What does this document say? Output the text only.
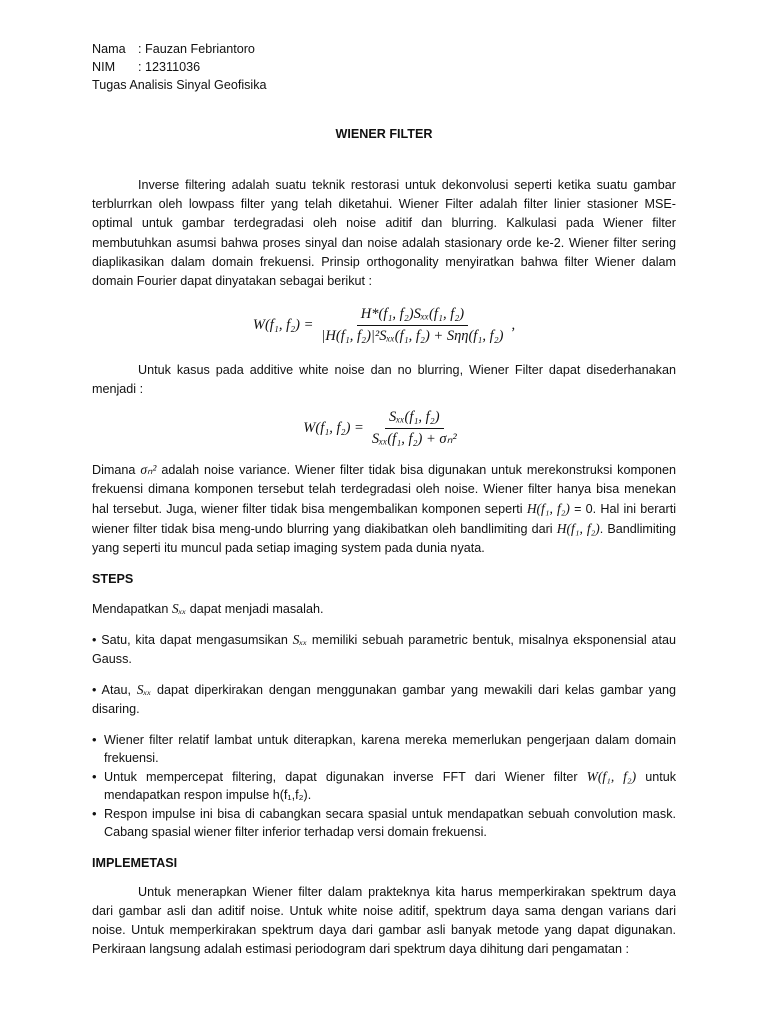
Nama : Fauzan Febriantoro
NIM : 12311036
Tugas Analisis Sinyal Geofisika
WIENER FILTER

Inverse filtering adalah suatu teknik restorasi untuk dekonvolusi seperti ketika suatu gambar terblurrkan oleh lowpass filter yang telah diketahui. Wiener Filter adalah filter linier stasioner MSE-optimal untuk gambar terdegradasi oleh noise aditif dan blurring. Kalkulasi pada Wiener filter membutuhkan asumsi bahwa proses sinyal dan noise adalah stasionary orde ke-2. Wiener filter sering diaplikasikan dalam domain frekuensi. Prinsip orthogonality menyiratkan bahwa filter Wiener dalam domain Fourier dapat dinyatakan sebagai berikut :

W(f₁, $f_2) = \frac{\text{H*(f₁, f₂)Sₓₓ(f₁, f₂)}}{\text{|H(f₁, f₂)|²Sₓₓ(f₁, f₂) + Sηη(f₁, f₂)}}$ ,

Untuk kasus pada additive white noise dan no blurring, Wiener Filter dapat disederhanakan menjadi :

W(f₁, $f_2) = \frac{\text{Sₓₓ(f₁, f₂)}}{\text{Sₓₓ(f₁, f₂) + σₙ²}}$

Dimana σₙ² adalah noise variance. Wiener filter tidak bisa digunakan untuk merekonstruksi komponen frekuensi dimana komponen tersebut telah terdegradasi oleh noise. Wiener filter hanya bisa menekan hal tersebut. Juga, wiener filter tidak bisa mengembalikan komponen seperti H(f₁, f₂) = 0. Hal ini berarti wiener filter tidak bisa meng-undo blurring yang diakibatkan oleh bandlimiting dari H(f₁, f₂). Bandlimiting yang seperti itu muncul pada setiap imaging system pada dunia nyata.

STEPS

Mendapatkan Sₓₓ dapat menjadi masalah.

• Satu, kita dapat mengasumsikan Sₓₓ memiliki sebuah parametric bentuk, misalnya eksponensial atau Gauss.

• Atau, Sₓₓ dapat diperkirakan dengan menggunakan gambar yang mewakili dari kelas gambar yang disaring.

• Wiener filter relatif lambat untuk diterapkan, karena mereka memerlukan pengerjaan dalam domain frekuensi.
• Untuk mempercepat filtering, dapat digunakan inverse FFT dari Wiener filter W(f₁, f₂) untuk mendapatkan respon impulse h(f₁,f₂).
• Respon impulse ini bisa di cabangkan secara spasial untuk mendapatkan sebuah convolution mask. Cabang spasial wiener filter inferior terhadap versi domain frekuensi.
IMPLEMETASI

Untuk menerapkan Wiener filter dalam prakteknya kita harus memperkirakan spektrum daya dari gambar asli dan aditif noise. Untuk white noise aditif, spektrum daya sama dengan varians dari noise. Untuk memperkirakan spektrum daya dari gambar asli banyak metode yang dapat digunakan. Perkiraan langsung adalah estimasi periodogram dari spektrum daya dihitung dari pengamatan :
